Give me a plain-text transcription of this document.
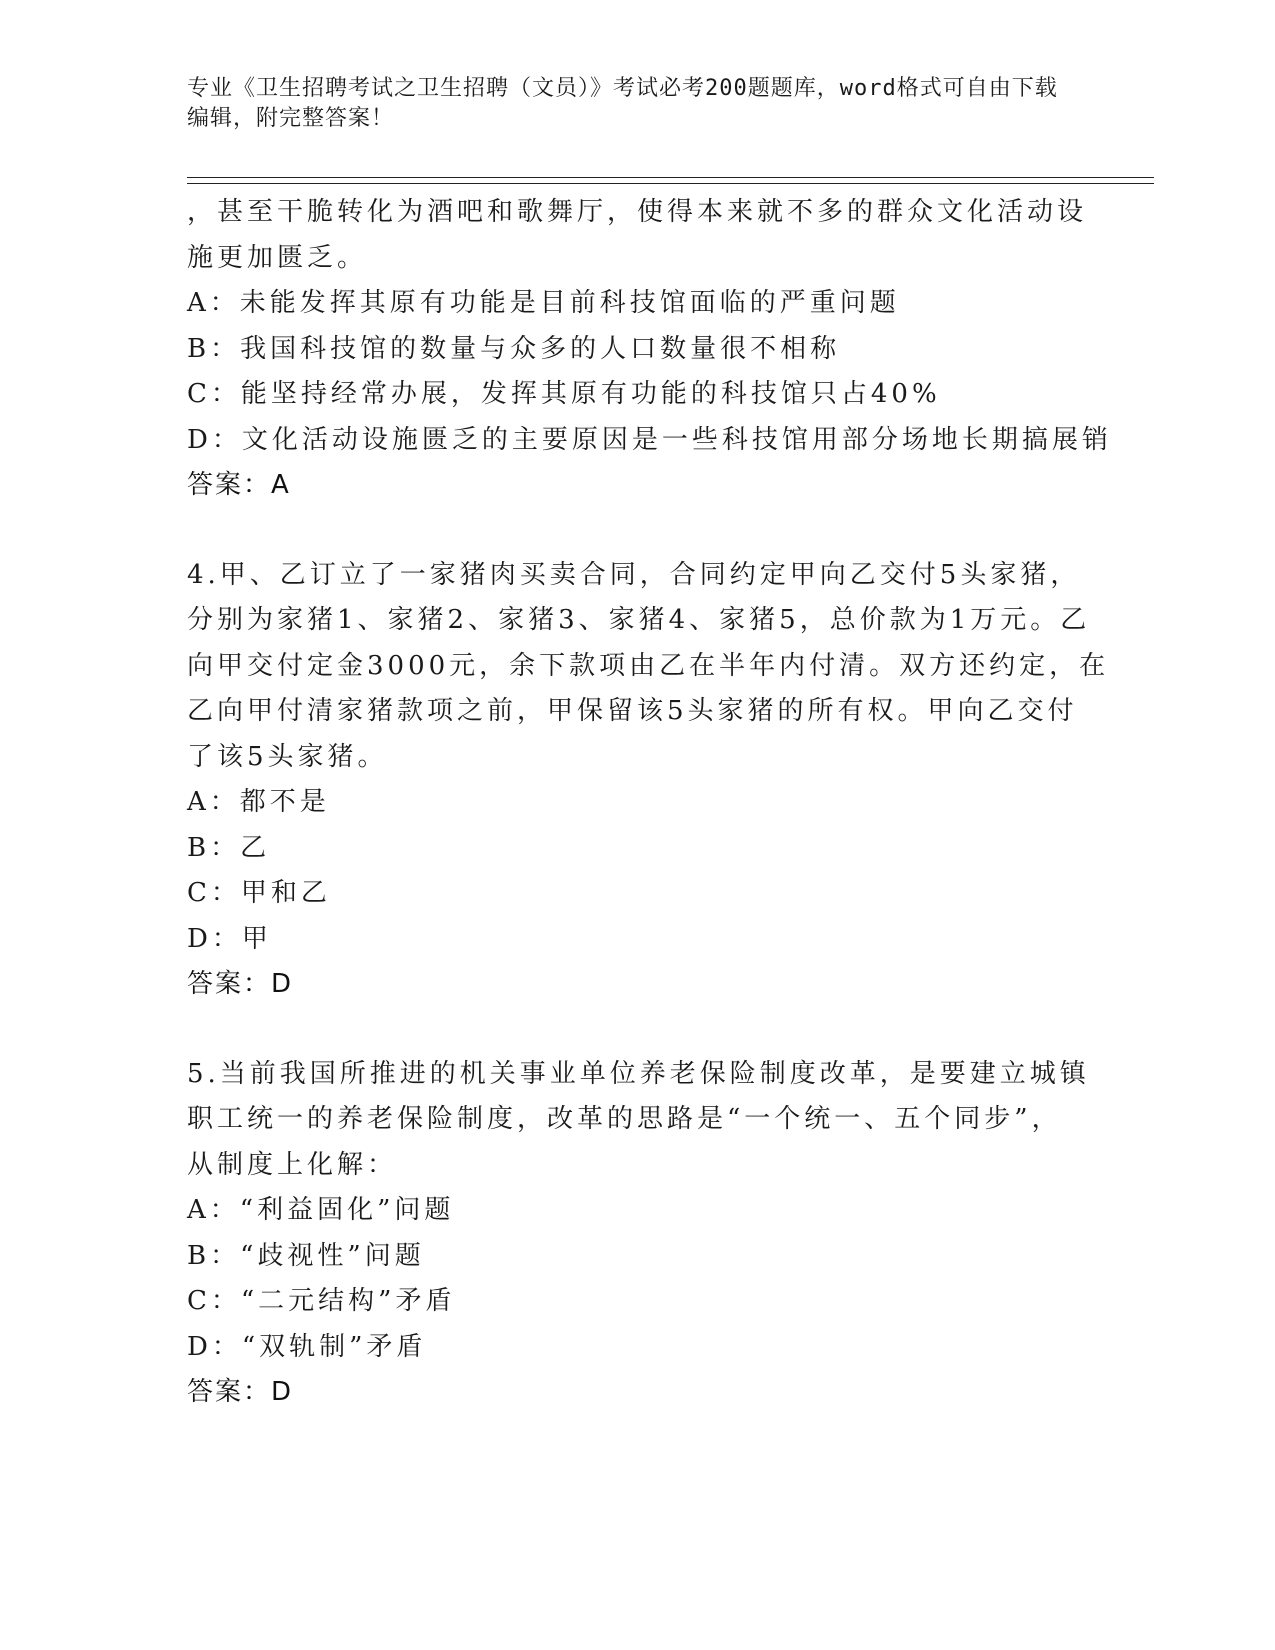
专业《卫生招聘考试之卫生招聘（文员）》考试必考200题题库，word格式可自由下载编辑，附完整答案！
，甚至干脆转化为酒吧和歌舞厅，使得本来就不多的群众文化活动设
施更加匮乏。
A：未能发挥其原有功能是目前科技馆面临的严重问题
B：我国科技馆的数量与众多的人口数量很不相称
C：能坚持经常办展，发挥其原有功能的科技馆只占40%
D：文化活动设施匮乏的主要原因是一些科技馆用部分场地长期搞展销
答案：A
4.甲、乙订立了一家猪肉买卖合同，合同约定甲向乙交付5头家猪，
分别为家猪1、家猪2、家猪3、家猪4、家猪5，总价款为1万元。乙
向甲交付定金3000元，余下款项由乙在半年内付清。双方还约定，在
乙向甲付清家猪款项之前，甲保留该5头家猪的所有权。甲向乙交付
了该5头家猪。
A：都不是
B：乙
C：甲和乙
D：甲
答案：D
5.当前我国所推进的机关事业单位养老保险制度改革，是要建立城镇
职工统一的养老保险制度，改革的思路是“一个统一、五个同步”，
从制度上化解：
A：“利益固化”问题
B：“歧视性”问题
C：“二元结构”矛盾
D：“双轨制”矛盾
答案：D
